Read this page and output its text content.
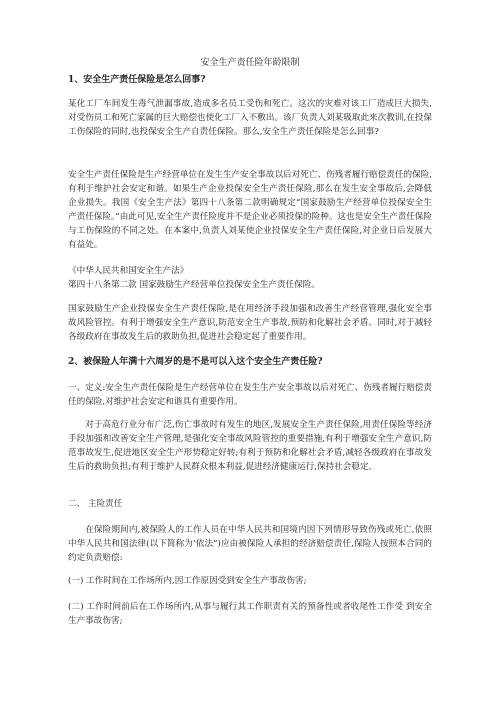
安全生产责任险年龄限制
1、安全生产责任保险是怎么回事?

某化工厂车间发生毒气泄漏事故,造成多名员工受伤和死亡。这次的灾难对该工厂造成巨大损失,对受伤员工和死亡家属的巨大赔偿也使化工厂入不敷出。该厂负责人刘某吸取此来次教训,在投保工伤保险的同时,也投保安全生产自责任保险。那么,安全生产责任保险是怎么回事?

安全生产责任保险是生产经营单位在发生生产安全事故以后对死亡、伤残者履行赔偿责任的保险,有利于维护社会安定和谐。如果生产企业投保安全生产责任保险,那么在发生安全事故后,会降低企业损失。我国《安全生产法》第四十八条第二款明确规定“国家鼓励生产经营单位投保安全生产责任保险。”由此可见,安全生产责任险度并不是企业必须投保的险种。这也是安全生产责任保险与工伤保险的不同之处。在本案中,负责人刘某使企业投保安全生产责任保险,对企业日后发展大有益处。

《中华人民共和国安全生产法》
第四十八条第二款 国家鼓励生产经营单位投保安全生产责任保险。

国家鼓励生产企业投保安全生产责任保险,是在用经济手段加强和改善生产经营管理,强化安全事故风险管控。有利于增强安全生产意识,防范安全生产事故,预防和化解社会矛盾。同时,对于减轻各级政府在事故发生后的救助负担,促进社会稳定起了重要作用。

2、被保险人年满十六周岁的是不是可以入这个安全生产责任险?

一、定义:安全生产责任保险是生产经营单位在发生生产安全事故以后对死亡、伤残者履行赔偿责任的保险,对维护社会安定和谐具有重要作用。

对于高危行业分布广泛,伤亡事故时有发生的地区,发展安全生产责任保险,用责任保险等经济手段加强和改善安全生产管理,是强化安全事故风险管控的重要措施,有利于增强安全生产意识,防范事故发生,促进地区安全生产形势稳定好转;有利于预防和化解社会矛盾,减轻各级政府在事故发生后的救助负担;有利于维护人民群众根本利益,促进经济健康运行,保持社会稳定。

二、 主险责任

在保险期间内,被保险人的工作人员在中华人民共和国境内因下列情形导致伤残或死亡,依照中华人民共和国法律(以下简称为’依法”)应由被保险人承担的经济赔偿责任,保险人按照本合同的约定负责赔偿:

(一) 工作时间在工作场所内,因工作原因受到安全生产事故伤害;
(二) 工作时间前后在工作场所内,从事与履行其工作职责有关的预备性或者收尾性工作受 到安全生产事故伤害;
